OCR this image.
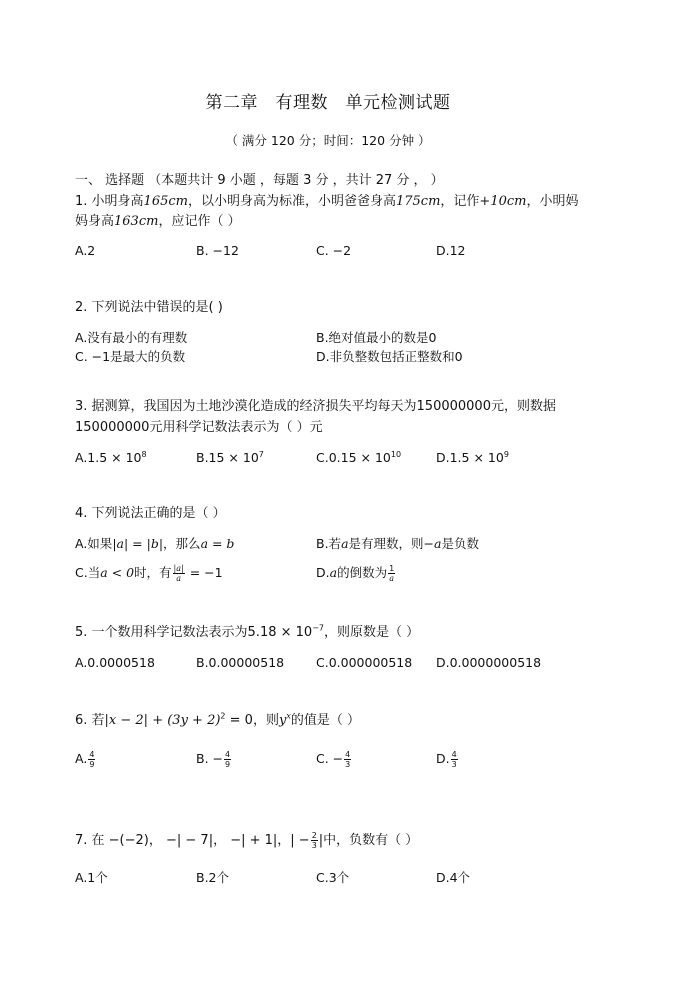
第二章　有理数　单元检测试题
（ 满分 120 分；时间：120 分钟 ）
一、 选择题 （本题共计 9 小题 ，每题 3 分 ，共计 27 分 ， ）
1. 小明身高165cm，以小明身高为标准，小明爸爸身高175cm，记作+10cm，小明妈
妈身高163cm，应记作（ ）
A.2	B. −12	C. −2	D.12
2. 下列说法中错误的是( )
A.没有最小的有理数	B.绝对值最小的数是0
C. −1是最大的负数	D.非负整数包括正整数和0
3. 据测算，我国因为土地沙漠化造成的经济损失平均每天为150000000元，则数据
150000000元用科学记数法表示为（ ）元
$A.1.5 \times 10^8$	$B.15 \times 10^7$	$C.0.15 \times 10^{10}$	$D.1.5 \times 10^9$
4. 下列说法正确的是（ ）
A.如果|a| = |b|，那么a = b	B.若a是有理数，则−a是负数
C.当a < 0时，有 $\frac{|a|}{a} = -1$	D.a的倒数为 $\frac{1}{a}$
5. 一个数用科学记数法表示为$5.18 \times 10^{-7}$，则原数是（ ）
A.0.0000518	B.0.00000518	C.0.000000518 D.0.0000000518
6. 若$|x - 2| + (3y + 2)^2 = 0$，则$y^x$的值是（ ）
A. $\frac{4}{9}$	B. − $\frac{4}{9}$	C. − $\frac{4}{3}$	D. $\frac{4}{3}$
7. 在 −(−2)， −| − 7|， −| + 1|，| − $\frac{2}{3}$ |中，负数有（ ）
A.1个	B.2个	C.3个	D.4个
